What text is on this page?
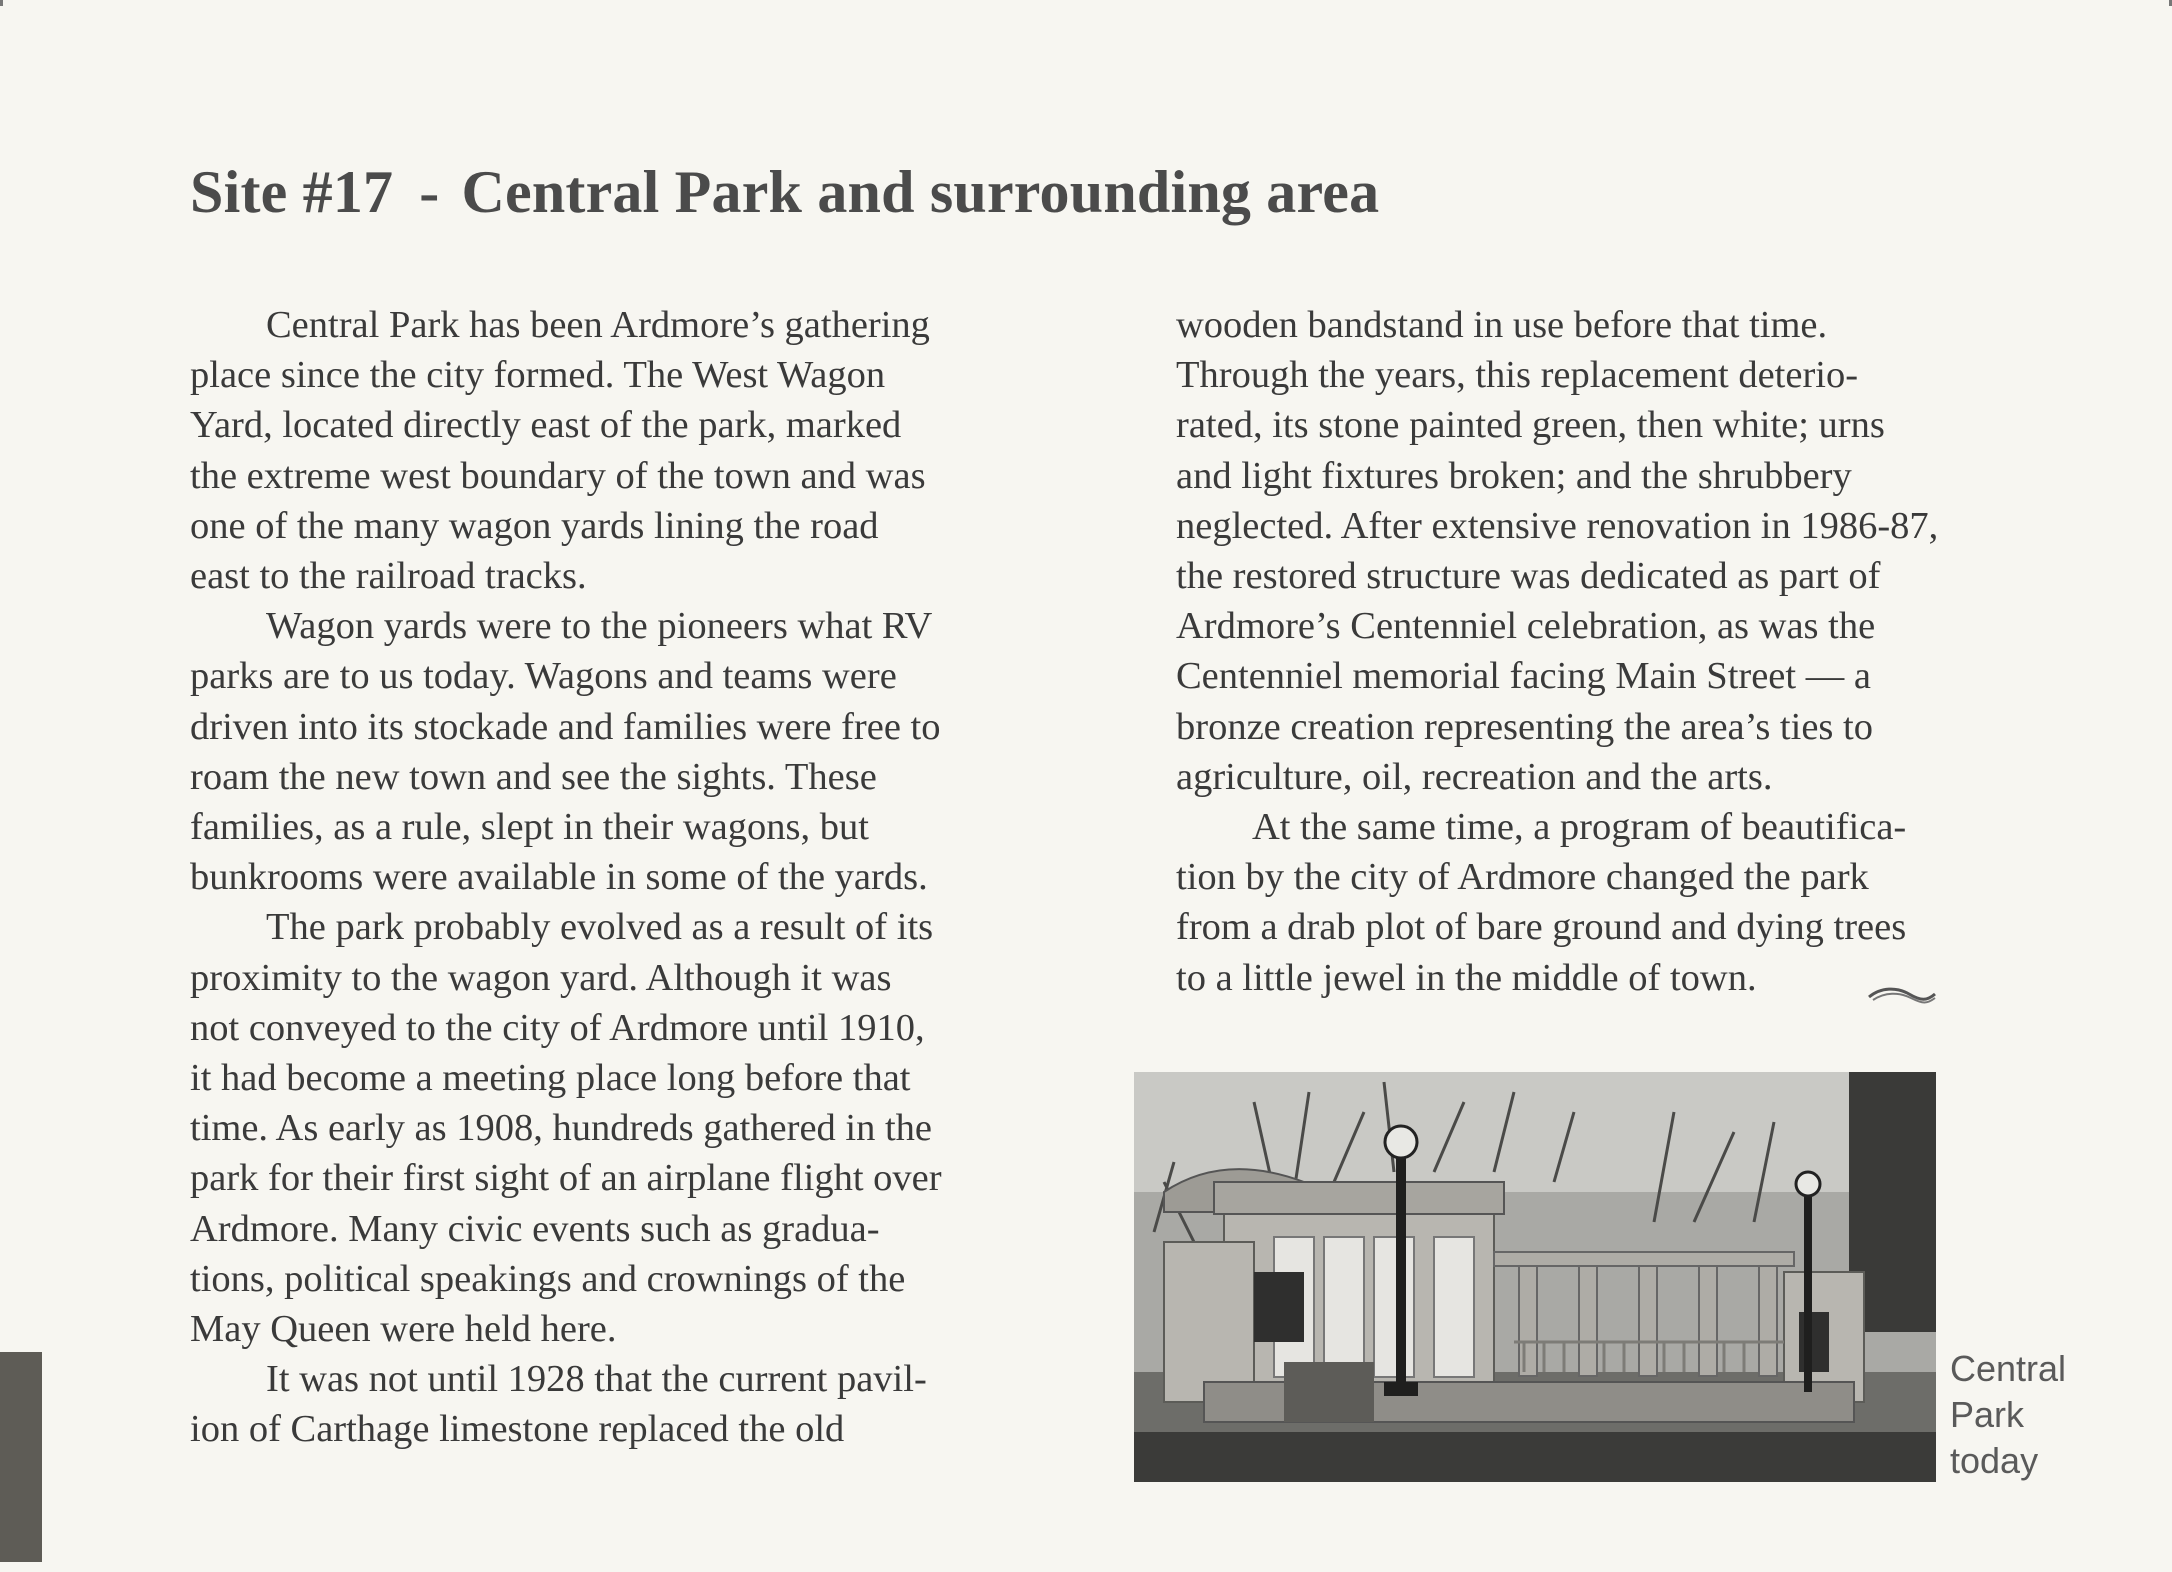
Site #17 - Central Park and surrounding area

Central Park has been Ardmore’s gathering
place since the city formed. The West Wagon
Yard, located directly east of the park, marked
the extreme west boundary of the town and was
one of the many wagon yards lining the road
east to the railroad tracks.

Wagon yards were to the pioneers what RV
parks are to us today. Wagons and teams were
driven into its stockade and families were free to
roam the new town and see the sights. These
families, as a rule, slept in their wagons, but
bunkrooms were available in some of the yards.

The park probably evolved as a result of its
proximity to the wagon yard. Although it was
not conveyed to the city of Ardmore until 1910,
it had become a meeting place long before that
time. As early as 1908, hundreds gathered in the
park for their first sight of an airplane flight over
Ardmore. Many civic events such as gradua-
tions, political speakings and crownings of the
May Queen were held here.

It was not until 1928 that the current pavil-
ion of Carthage limestone replaced the old

wooden bandstand in use before that time.
Through the years, this replacement deterio-
rated, its stone painted green, then white; urns
and light fixtures broken; and the shrubbery
neglected. After extensive renovation in 1986-87,
the restored structure was dedicated as part of
Ardmore’s Centenniel celebration, as was the
Centenniel memorial facing Main Street — a
bronze creation representing the area’s ties to
agriculture, oil, recreation and the arts.

At the same time, a program of beautifica-
tion by the city of Ardmore changed the park
from a drab plot of bare ground and dying trees
to a little jewel in the middle of town.

Central
Park
today
